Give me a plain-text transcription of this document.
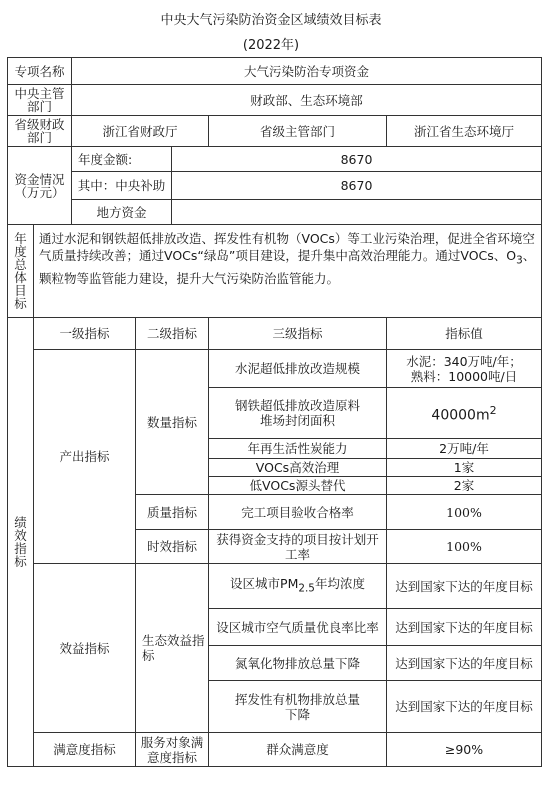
中央大气污染防治资金区域绩效目标表
(2022年)
专项名称		大气污染防治专项资金				
中央主管部门		财政部、生态环境部				
省级财政部门		浙江省财政厅			省级主管部门	浙江省生态环境厅
资金情况（万元）		年度金额:		8670		
		其中：中央补助		8670		
		地方资金				
年度总体目标	通过水泥和钢铁超低排放改造、挥发性有机物（VOCs）等工业污染治理，促进全省环境空气质量持续改善；通过VOCs“绿岛”项目建设，提升集中高效治理能力。通过VOCs、$O_3$、颗粒物等监管能力建设，提升大气污染防治监管能力。					
绩效指标	一级指标		二级指标		三级指标	指标值
	产出指标		数量指标		水泥超低排放改造规模	水泥：340万吨/年；
熟料：10000吨/日
					钢铁超低排放改造原料
堆场封闭面积	$40000m^2$
					年再生活性炭能力	2万吨/年
					VOCs高效治理	1家
					低VOCs源头替代	2家
			质量指标		完工项目验收合格率	100%
			时效指标		获得资金支持的项目按计划开工率	100%
	效益指标		生态效益指标		设区城市$PM_{2.5}$年均浓度	达到国家下达的年度目标
					设区城市空气质量优良率比率	达到国家下达的年度目标
					氮氧化物排放总量下降	达到国家下达的年度目标
					挥发性有机物排放总量
下降	达到国家下达的年度目标
	满意度指标		服务对象满意度指标		群众满意度	≥90%
